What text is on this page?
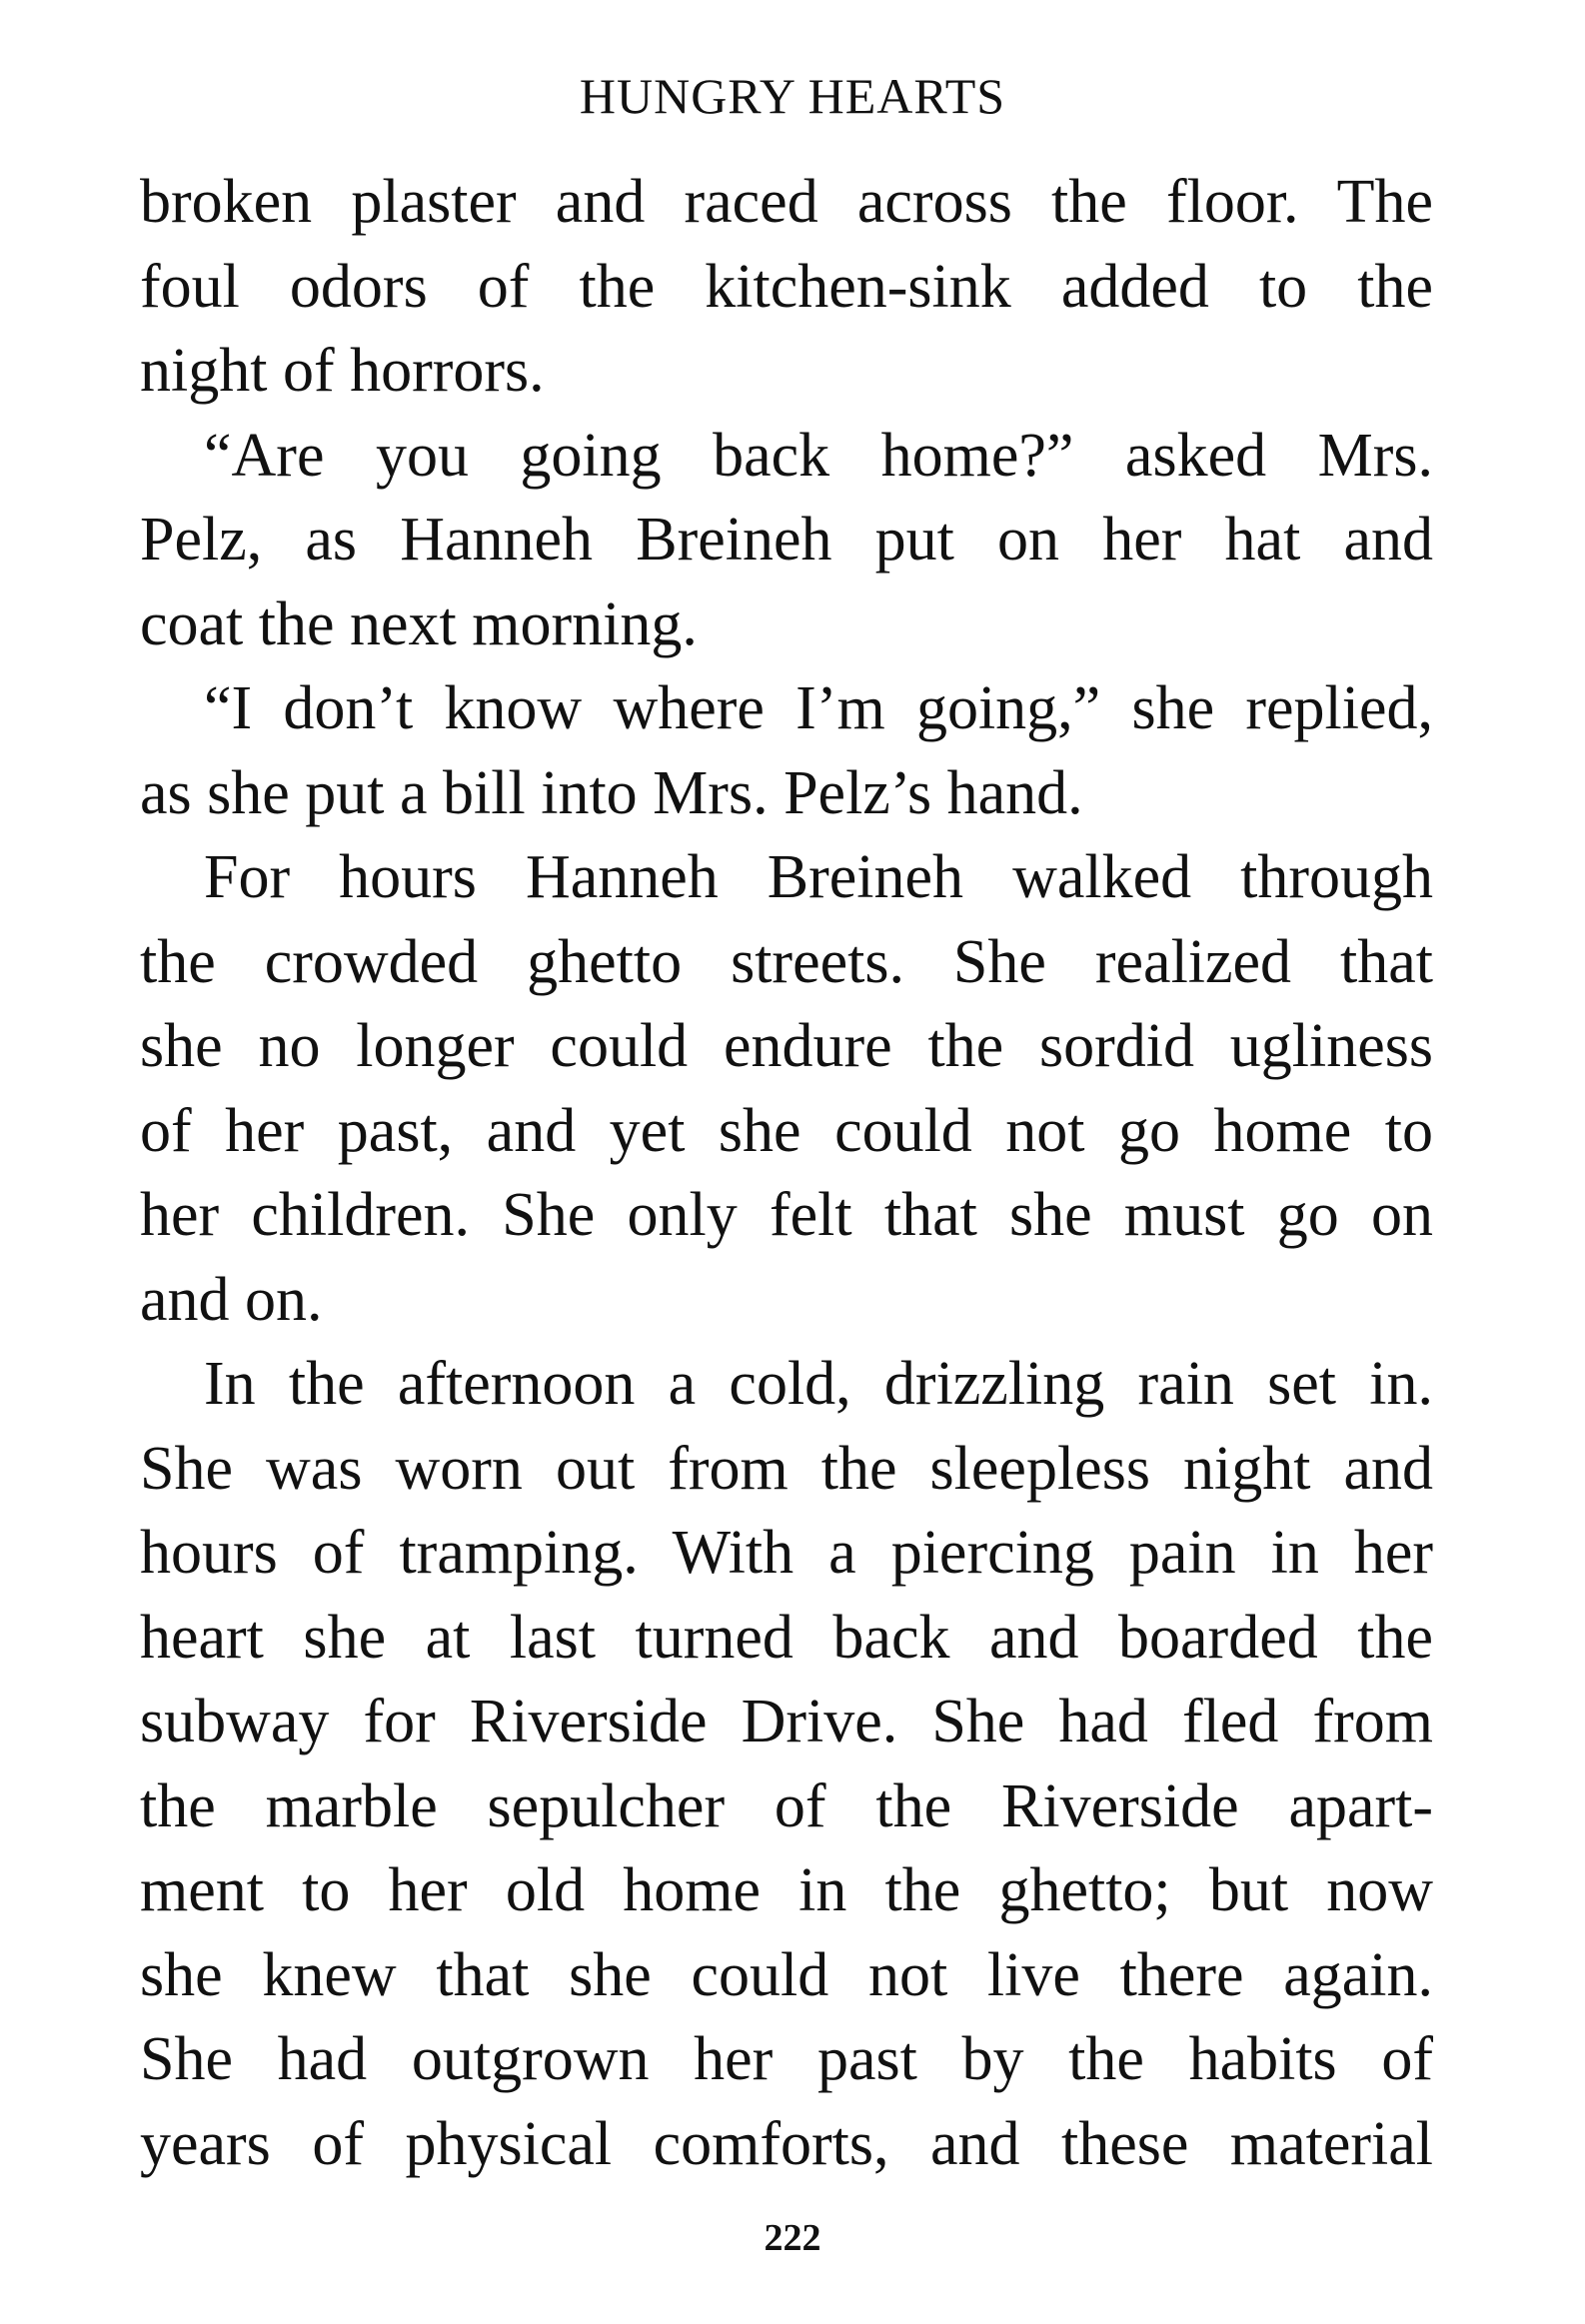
HUNGRY HEARTS
broken plaster and raced across the floor. The
foul odors of the kitchen-sink added to the
night of horrors.
“Are you going back home?” asked Mrs.
Pelz, as Hanneh Breineh put on her hat and
coat the next morning.
“I don’t know where I’m going,” she replied,
as she put a bill into Mrs. Pelz’s hand.
For hours Hanneh Breineh walked through
the crowded ghetto streets. She realized that
she no longer could endure the sordid ugliness
of her past, and yet she could not go home to
her children. She only felt that she must go on
and on.
In the afternoon a cold, drizzling rain set in.
She was worn out from the sleepless night and
hours of tramping. With a piercing pain in her
heart she at last turned back and boarded the
subway for Riverside Drive. She had fled from
the marble sepulcher of the Riverside apart-
ment to her old home in the ghetto; but now
she knew that she could not live there again.
She had outgrown her past by the habits of
years of physical comforts, and these material
222
